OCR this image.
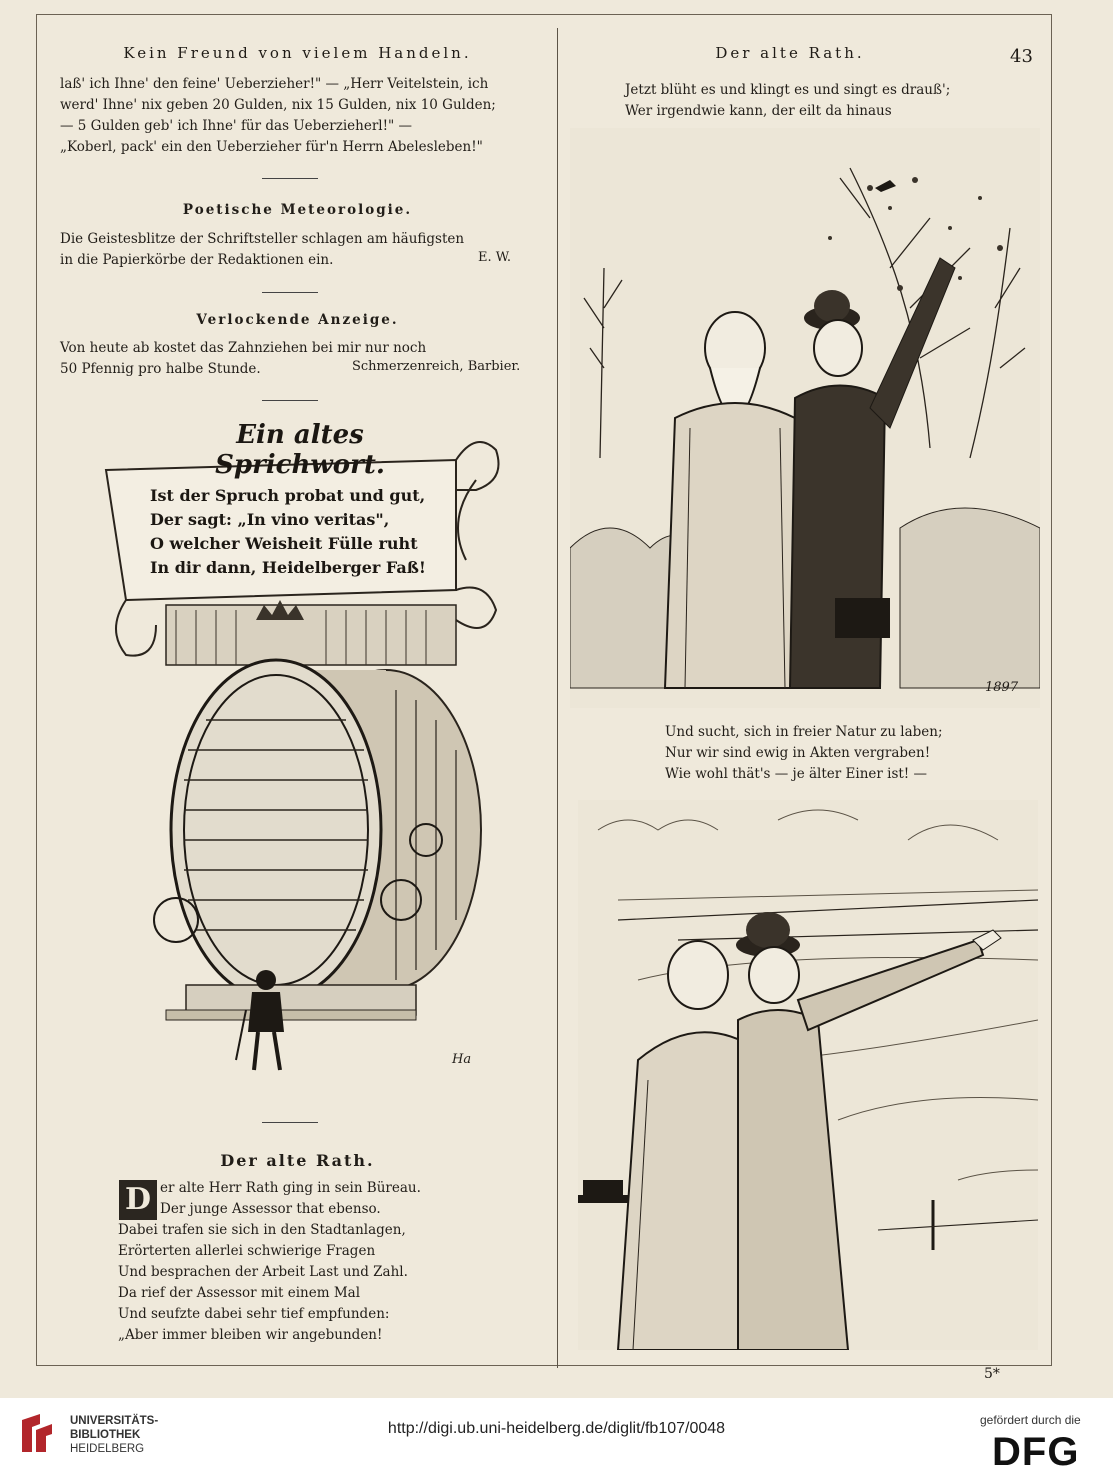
Kein Freund von vielem Handeln.
laß' ich Ihne' den feine' Ueberzieher!" — „Herr Veitelstein, ich
werd' Ihne' nix geben 20 Gulden, nix 15 Gulden, nix 10 Gulden;
— 5 Gulden geb' ich Ihne' für das Ueberzieherl!" —
„Koberl, pack' ein den Ueberzieher für'n Herrn Abelesleben!"
Poetische Meteorologie.
Die Geistesblitze der Schriftsteller schlagen am häufigsten
in die Papierkörbe der Redaktionen ein.	E. W.
Verlockende Anzeige.
Von heute ab kostet das Zahnziehen bei mir nur noch
50 Pfennig pro halbe Stunde.	Schmerzenreich, Barbier.
Ein altes Sprichwort.
Ist der Spruch probat und gut,
Der sagt: „In vino veritas",
O welcher Weisheit Fülle ruht
In dir dann, Heidelberger Faß!
Ha
Der alte Rath.
D er alte Herr Rath ging in sein Büreau.
Der junge Assessor that ebenso.
Dabei trafen sie sich in den Stadtanlagen,
Erörterten allerlei schwierige Fragen
Und besprachen der Arbeit Last und Zahl.
Da rief der Assessor mit einem Mal
Und seufzte dabei sehr tief empfunden:
„Aber immer bleiben wir angebunden!
Der alte Rath.	43
Jetzt blüht es und klingt es und singt es drauß';
Wer irgendwie kann, der eilt da hinaus
1897
Und sucht, sich in freier Natur zu laben;
Nur wir sind ewig in Akten vergraben!
Wie wohl thät's — je älter Einer ist! —
5*
UNIVERSITÄTS-
BIBLIOTHEK
HEIDELBERG
http://digi.ub.uni-heidelberg.de/diglit/fb107/0048	gefördert durch die
DFG
